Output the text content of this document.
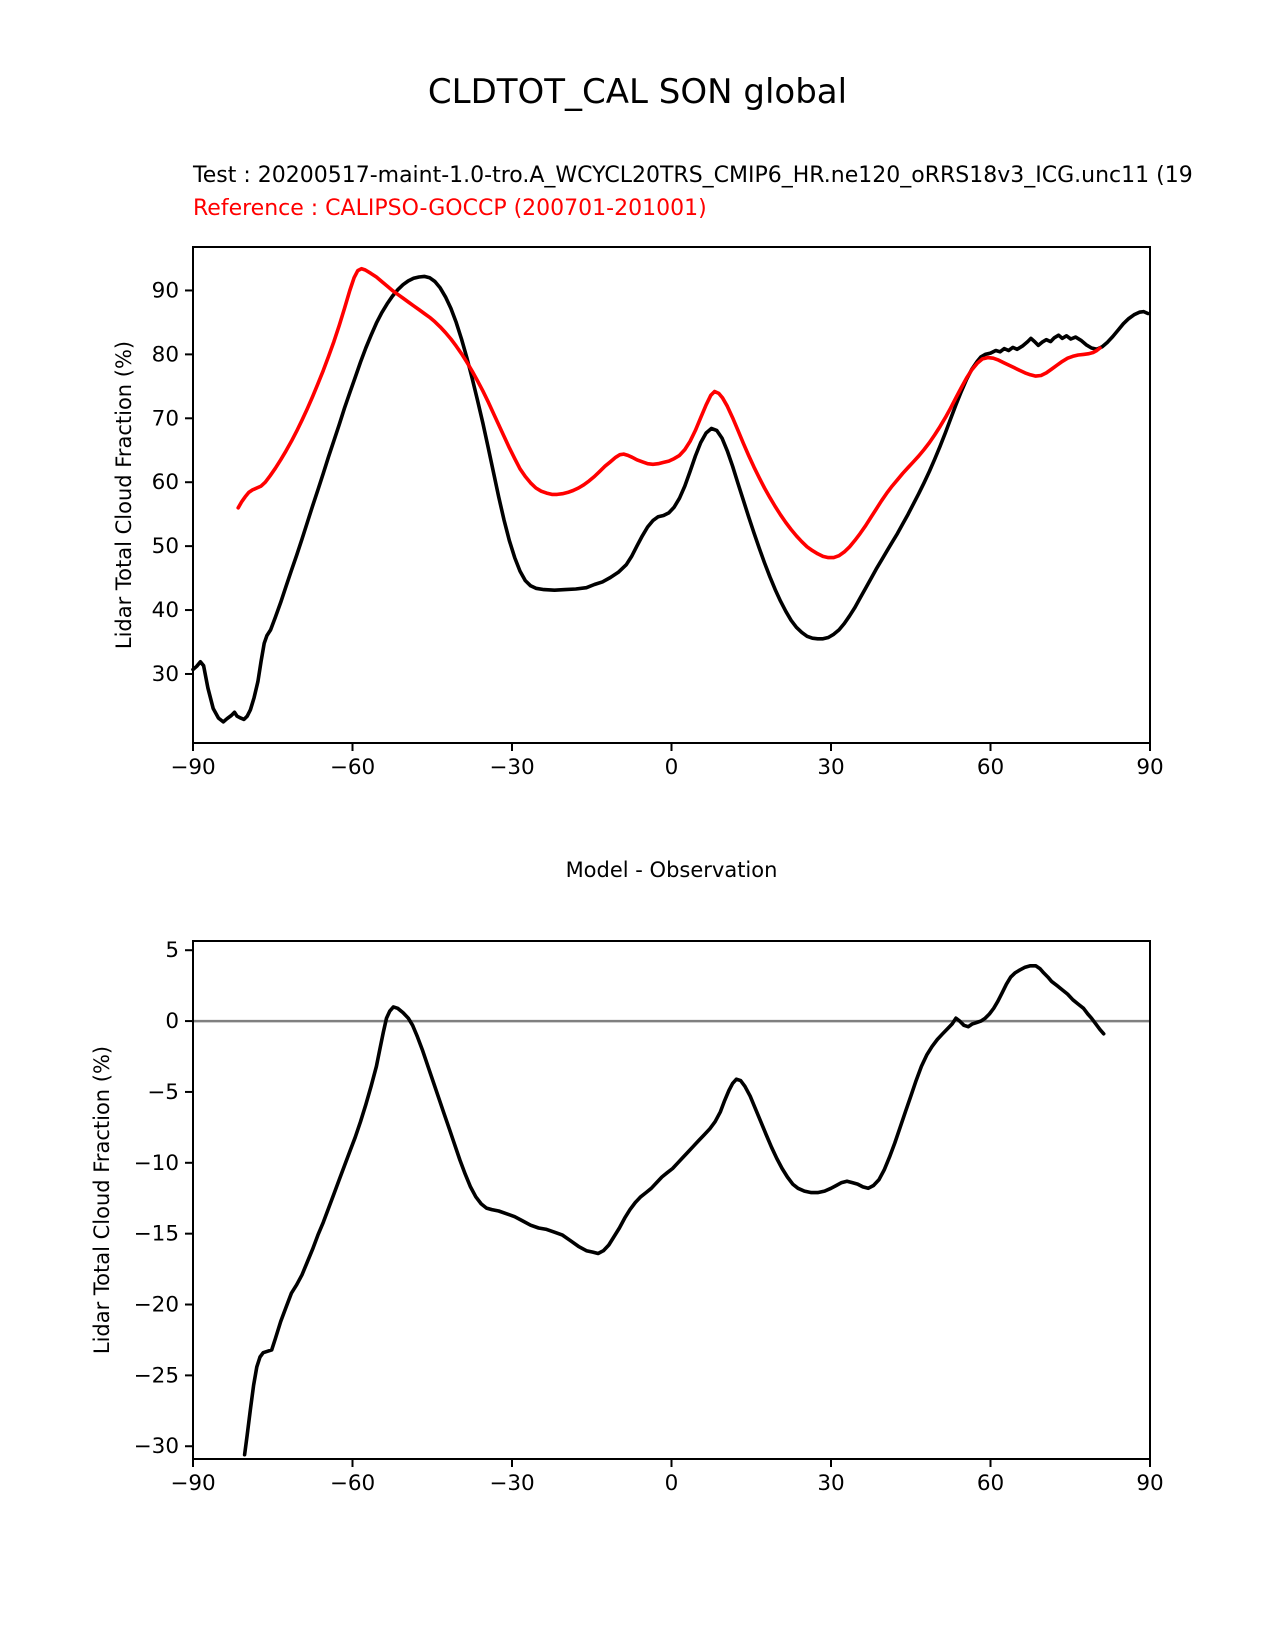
CLDTOT_CAL SON global
Test : 20200517-maint-1.0-tro.A_WCYCL20TRS_CMIP6_HR.ne120_oRRS18v3_ICG.unc11 (19
Reference : CALIPSO-GOCCP (200701-201001)
Lidar Total Cloud Fraction (%)
Lidar Total Cloud Fraction (%)
Model - Observation
−90	−60	−30	0	30	60	90
30
40
50
60
70
80
90
−90	−60	−30	0	30	60	90
5
0
−5
−10
−15
−20
−25
−30
